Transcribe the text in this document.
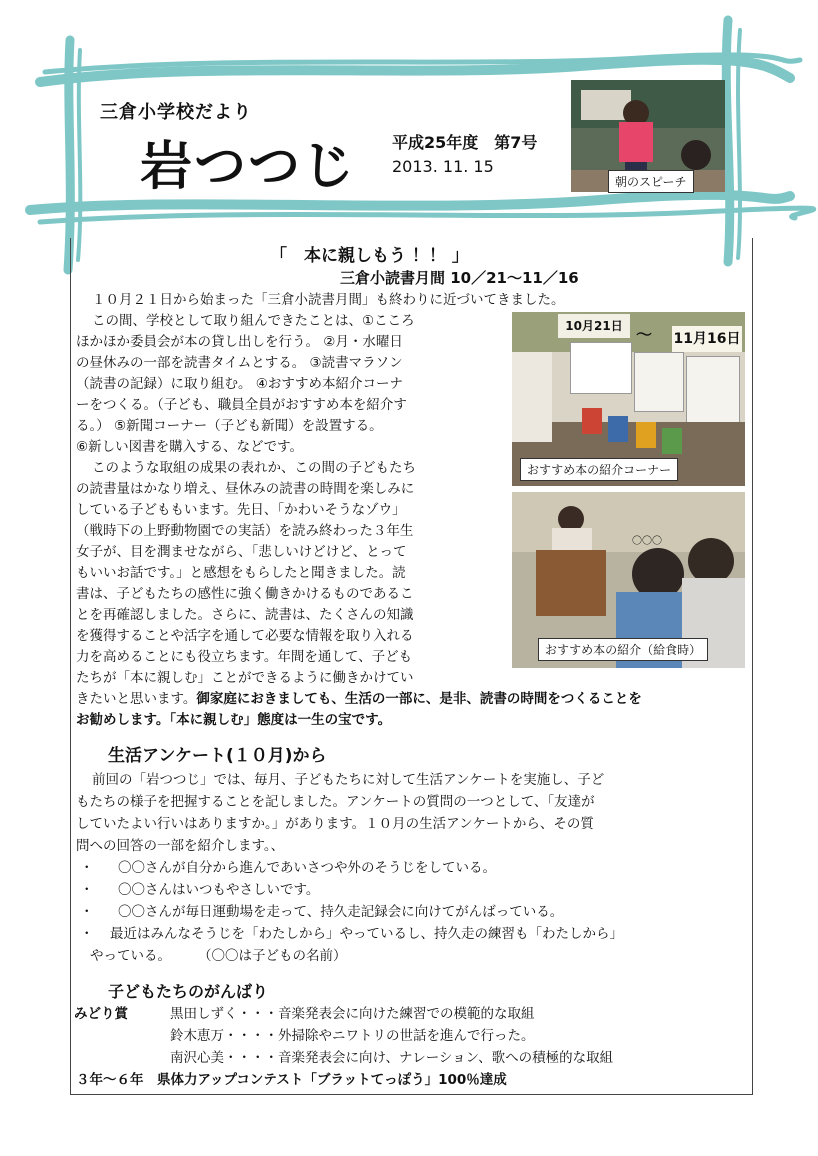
三倉小学校だより
岩つつじ 平成25年度　第7号
2013. 11. 15
朝のスピーチ
「　本に親しもう ！！ 」
三倉小読書月間 10／21～11／16
１０月２１日から始まった「三倉小読書月間」も終わりに近づいてきました。
この間、学校として取り組んできたことは、①こころ
ほかほか委員会が本の貸し出しを行う。 ②月・水曜日
の昼休みの一部を読書タイムとする。 ③読書マラソン
（読書の記録）に取り組む。 ④おすすめ本紹介コーナ
ーをつくる。（子ども、職員全員がおすすめ本を紹介す
る。） ⑤新聞コーナー（子ども新聞）を設置する。
⑥新しい図書を購入する、などです。
このような取組の成果の表れか、この間の子どもたち
の読書量はかなり増え、昼休みの読書の時間を楽しみに
している子どももいます。先日、「かわいそうなゾウ」
（戦時下の上野動物園での実話）を読み終わった３年生
女子が、目を潤ませながら、「悲しいけどけど、とって
もいいお話です。」と感想をもらしたと聞きました。読
書は、子どもたちの感性に強く働きかけるものであるこ
とを再確認しました。さらに、読書は、たくさんの知識
を獲得することや活字を通して必要な情報を取り入れる
力を高めることにも役立ちます。年間を通して、子ども
たちが「本に親しむ」ことができるように働きかけてい
きたいと思います。御家庭におきましても、生活の一部に、是非、読書の時間をつくることを
お勧めします。「本に親しむ」態度は一生の宝です。
10月21日 ～ 11月16日
おすすめ本の紹介コーナー
〇〇〇
おすすめ本の紹介（給食時）
生活アンケート(１０月)から
前回の「岩つつじ」では、毎月、子どもたちに対して生活アンケートを実施し、子ど
もたちの様子を把握することを記しました。アンケートの質問の一つとして、「友達が
していたよい行いはありますか。」があります。１０月の生活アンケートから、その質
問への回答の一部を紹介します。、
・ 〇〇さんが自分から進んであいさつや外のそうじをしている。
・ 〇〇さんはいつもやさしいです。
・ 〇〇さんが毎日運動場を走って、持久走記録会に向けてがんばっている。
・ 最近はみんなそうじを「わたしから」やっているし、持久走の練習も「わたしから」
やっている。　　　（〇〇は子どもの名前）
子どもたちのがんばり
みどり賞	黒田しずく・・・音楽発表会に向けた練習での模範的な取組
鈴木恵万・・・・外掃除やニワトリの世話を進んで行った。
南沢心美・・・・音楽発表会に向け、ナレーション、歌への積極的な取組
３年～６年　県体力アップコンテスト「ブラットてっぽう」100％達成
